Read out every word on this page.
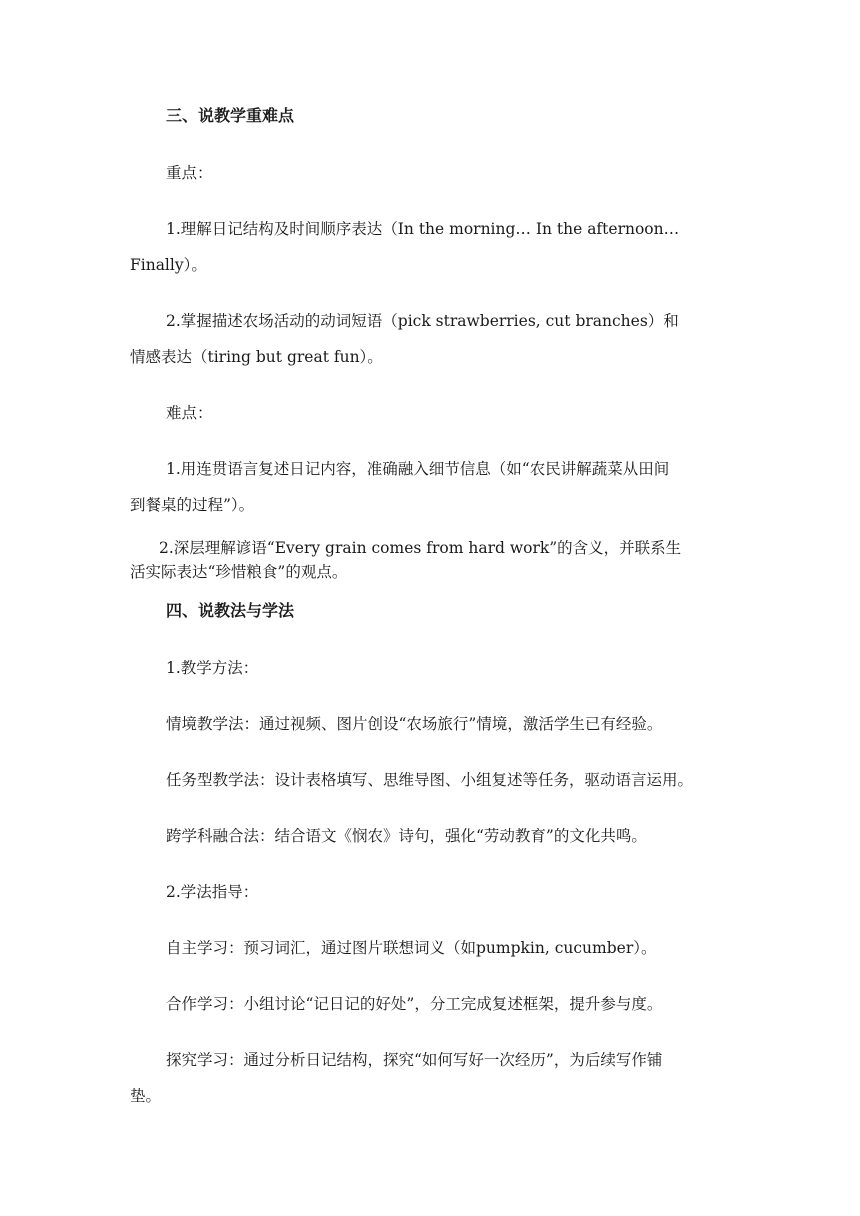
三、说教学重难点

重点：

1.理解日记结构及时间顺序表达（In the morning… In the afternoon…

Finally）。

2.掌握描述农场活动的动词短语（pick strawberries, cut branches）和

情感表达（tiring but great fun）。

难点：

1.用连贯语言复述日记内容，准确融入细节信息（如“农民讲解蔬菜从田间

到餐桌的过程”）。

2.深层理解谚语“Every grain comes from hard work”的含义，并联系生

活实际表达“珍惜粮食”的观点。

四、说教法与学法

1.教学方法：

情境教学法：通过视频、图片创设“农场旅行”情境，激活学生已有经验。

任务型教学法：设计表格填写、思维导图、小组复述等任务，驱动语言运用。

跨学科融合法：结合语文《悯农》诗句，强化“劳动教育”的文化共鸣。

2.学法指导：

自主学习：预习词汇，通过图片联想词义（如pumpkin, cucumber）。

合作学习：小组讨论“记日记的好处”，分工完成复述框架，提升参与度。

探究学习：通过分析日记结构，探究“如何写好一次经历”，为后续写作铺

垫。
